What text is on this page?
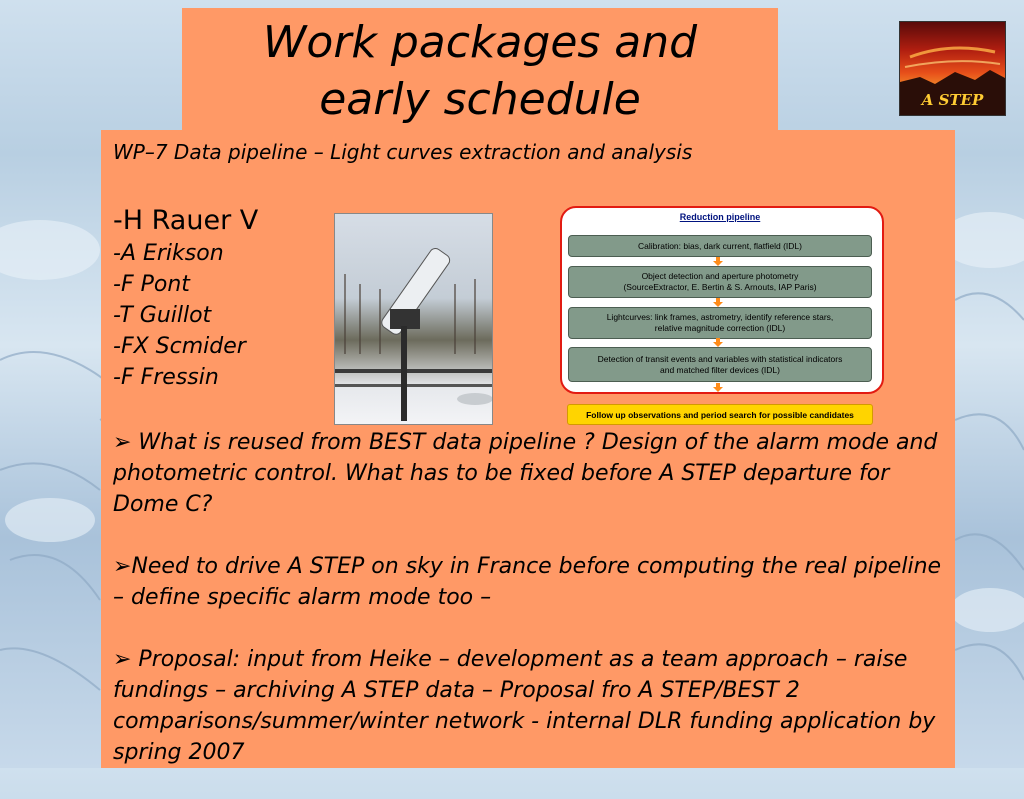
Work packages and
early schedule	A STEP
WP–7 Data pipeline – Light curves extraction and analysis
-H Rauer V
-A Erikson
-F Pont
-T Guillot
-FX Scmider
-F Fressin
Reduction pipeline
Calibration: bias, dark current, flatfield (IDL)
Object detection and aperture photometry
(SourceExtractor, E. Bertin & S. Arnouts, IAP Paris)
Lightcurves: link frames, astrometry, identify reference stars,
relative magnitude correction (IDL)
Detection of transit events and variables with statistical indicators
and matched filter devices (IDL)
Follow up observations and period search for possible candidates
➢ What is reused from BEST data pipeline ? Design of the alarm mode and photometric control. What has to be fixed before A STEP departure for Dome C?
➢Need to drive A STEP on sky in France before computing the real pipeline – define specific alarm mode too –
➢ Proposal: input from Heike – development as a team approach – raise fundings – archiving A STEP data – Proposal fro A STEP/BEST 2 comparisons/summer/winter network - internal DLR funding application by spring 2007
